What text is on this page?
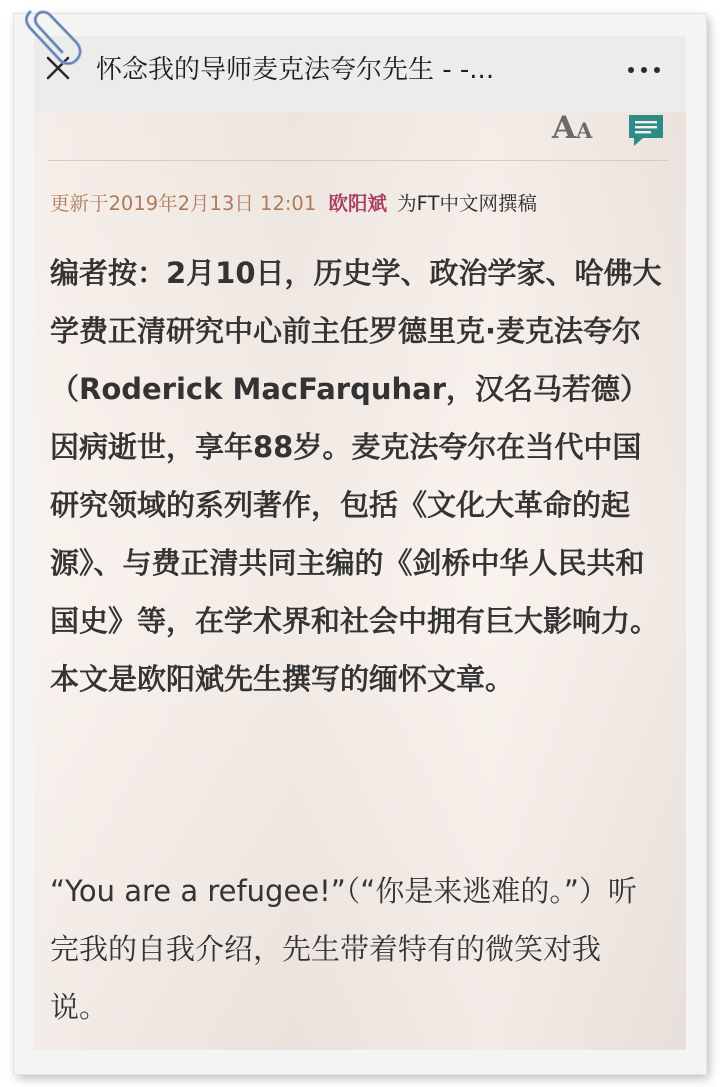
怀念我的导师麦克法夸尔先生 - -...
AA
更新于2019年2月13日 12:01 欧阳斌 为FT中文网撰稿

编者按：2月10日，历史学、政治学家、哈佛大学费正清研究中心前主任罗德里克·麦克法夸尔（Roderick MacFarquhar，汉名马若德）因病逝世，享年88岁。麦克法夸尔在当代中国研究领域的系列著作，包括《文化大革命的起源》、与费正清共同主编的《剑桥中华人民共和国史》等，在学术界和社会中拥有巨大影响力。本文是欧阳斌先生撰写的缅怀文章。

“You are a refugee!”（“你是来逃难的。”）听完我的自我介绍，先生带着特有的微笑对我说。
